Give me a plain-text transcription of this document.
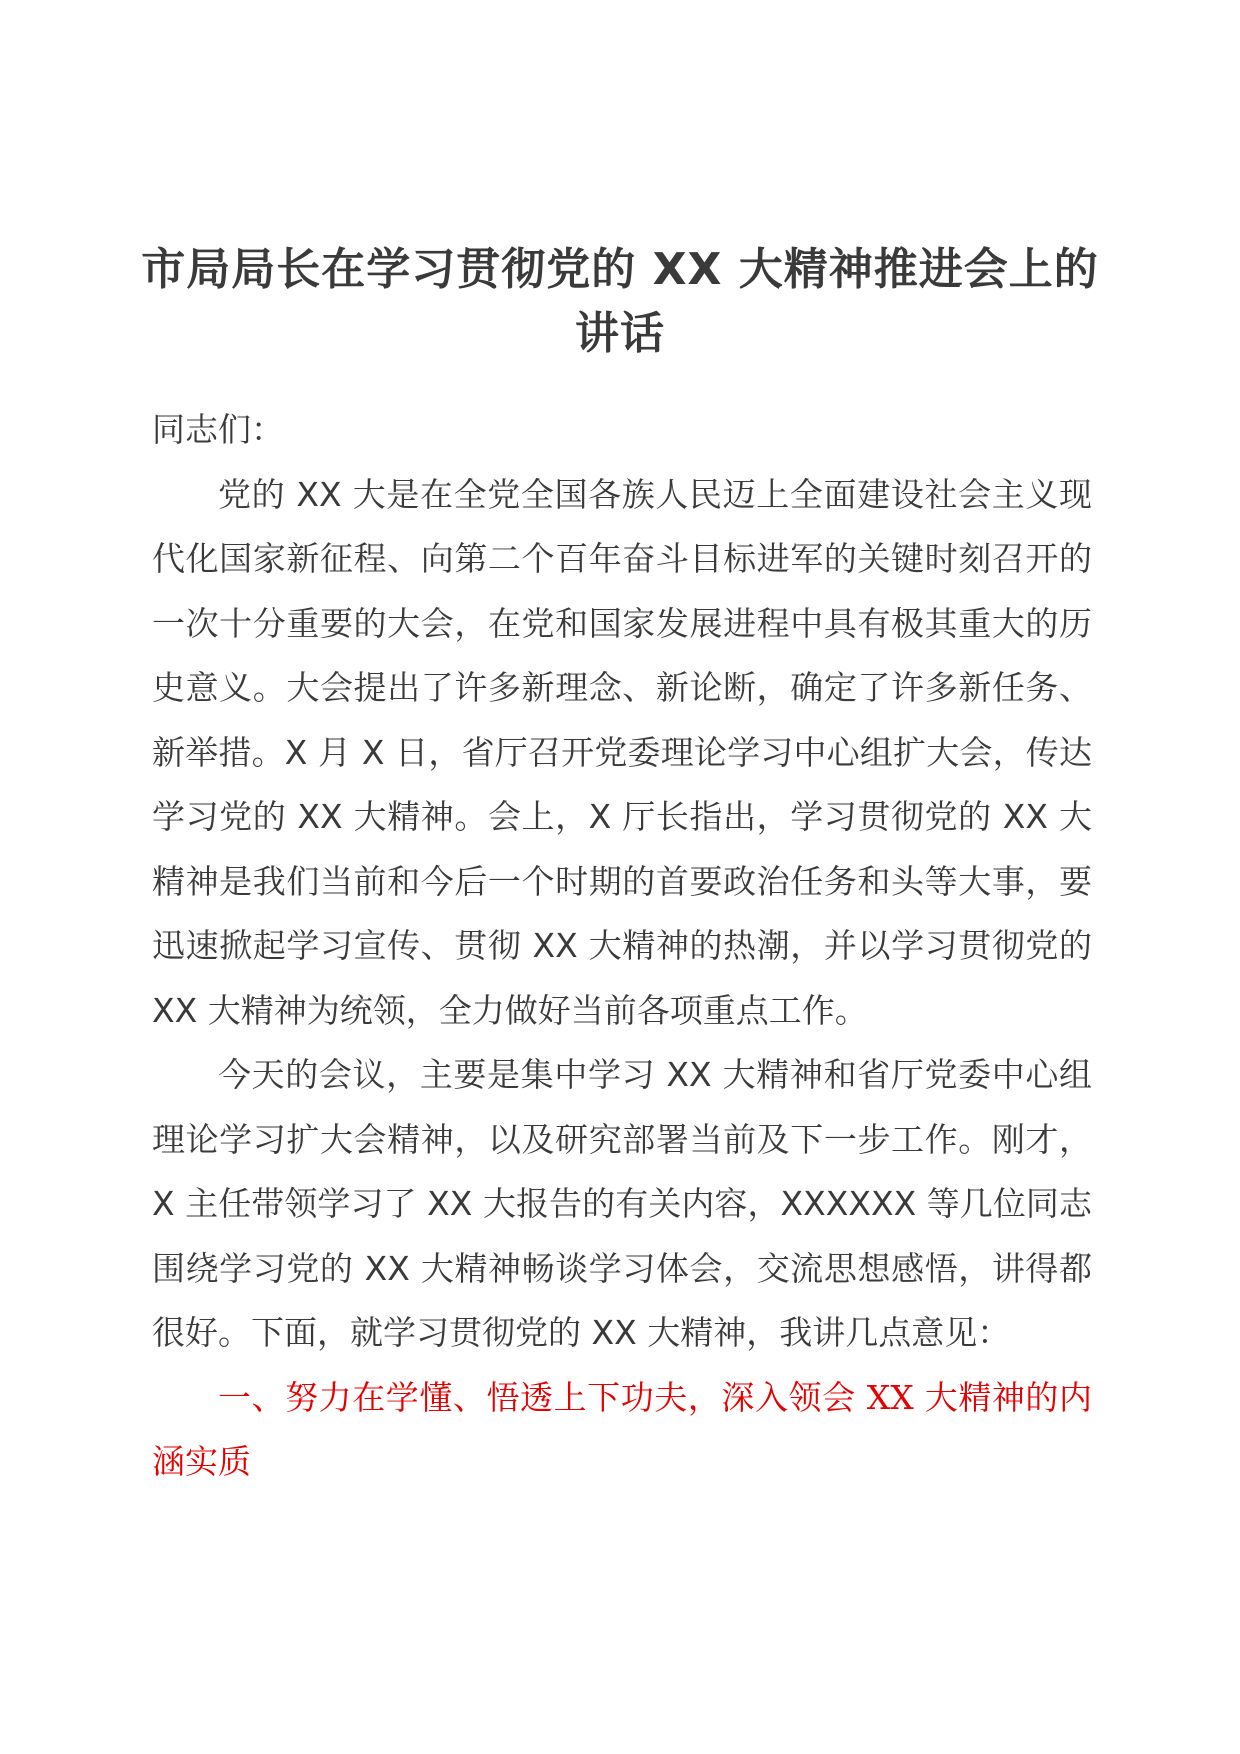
市局局长在学习贯彻党的 XX 大精神推进会上的讲话

同志们：

党的 XX 大是在全党全国各族人民迈上全面建设社会主义现代化国家新征程、向第二个百年奋斗目标进军的关键时刻召开的一次十分重要的大会，在党和国家发展进程中具有极其重大的历史意义。大会提出了许多新理念、新论断，确定了许多新任务、新举措。X 月 X 日，省厅召开党委理论学习中心组扩大会，传达学习党的 XX 大精神。会上，X 厅长指出，学习贯彻党的 XX 大精神是我们当前和今后一个时期的首要政治任务和头等大事，要迅速掀起学习宣传、贯彻 XX 大精神的热潮，并以学习贯彻党的 XX 大精神为统领，全力做好当前各项重点工作。

今天的会议，主要是集中学习 XX 大精神和省厅党委中心组理论学习扩大会精神，以及研究部署当前及下一步工作。刚才，X 主任带领学习了 XX 大报告的有关内容，XXXXXX 等几位同志围绕学习党的 XX 大精神畅谈学习体会，交流思想感悟，讲得都很好。下面，就学习贯彻党的 XX 大精神，我讲几点意见：

一、努力在学懂、悟透上下功夫，深入领会 XX 大精神的内涵实质
